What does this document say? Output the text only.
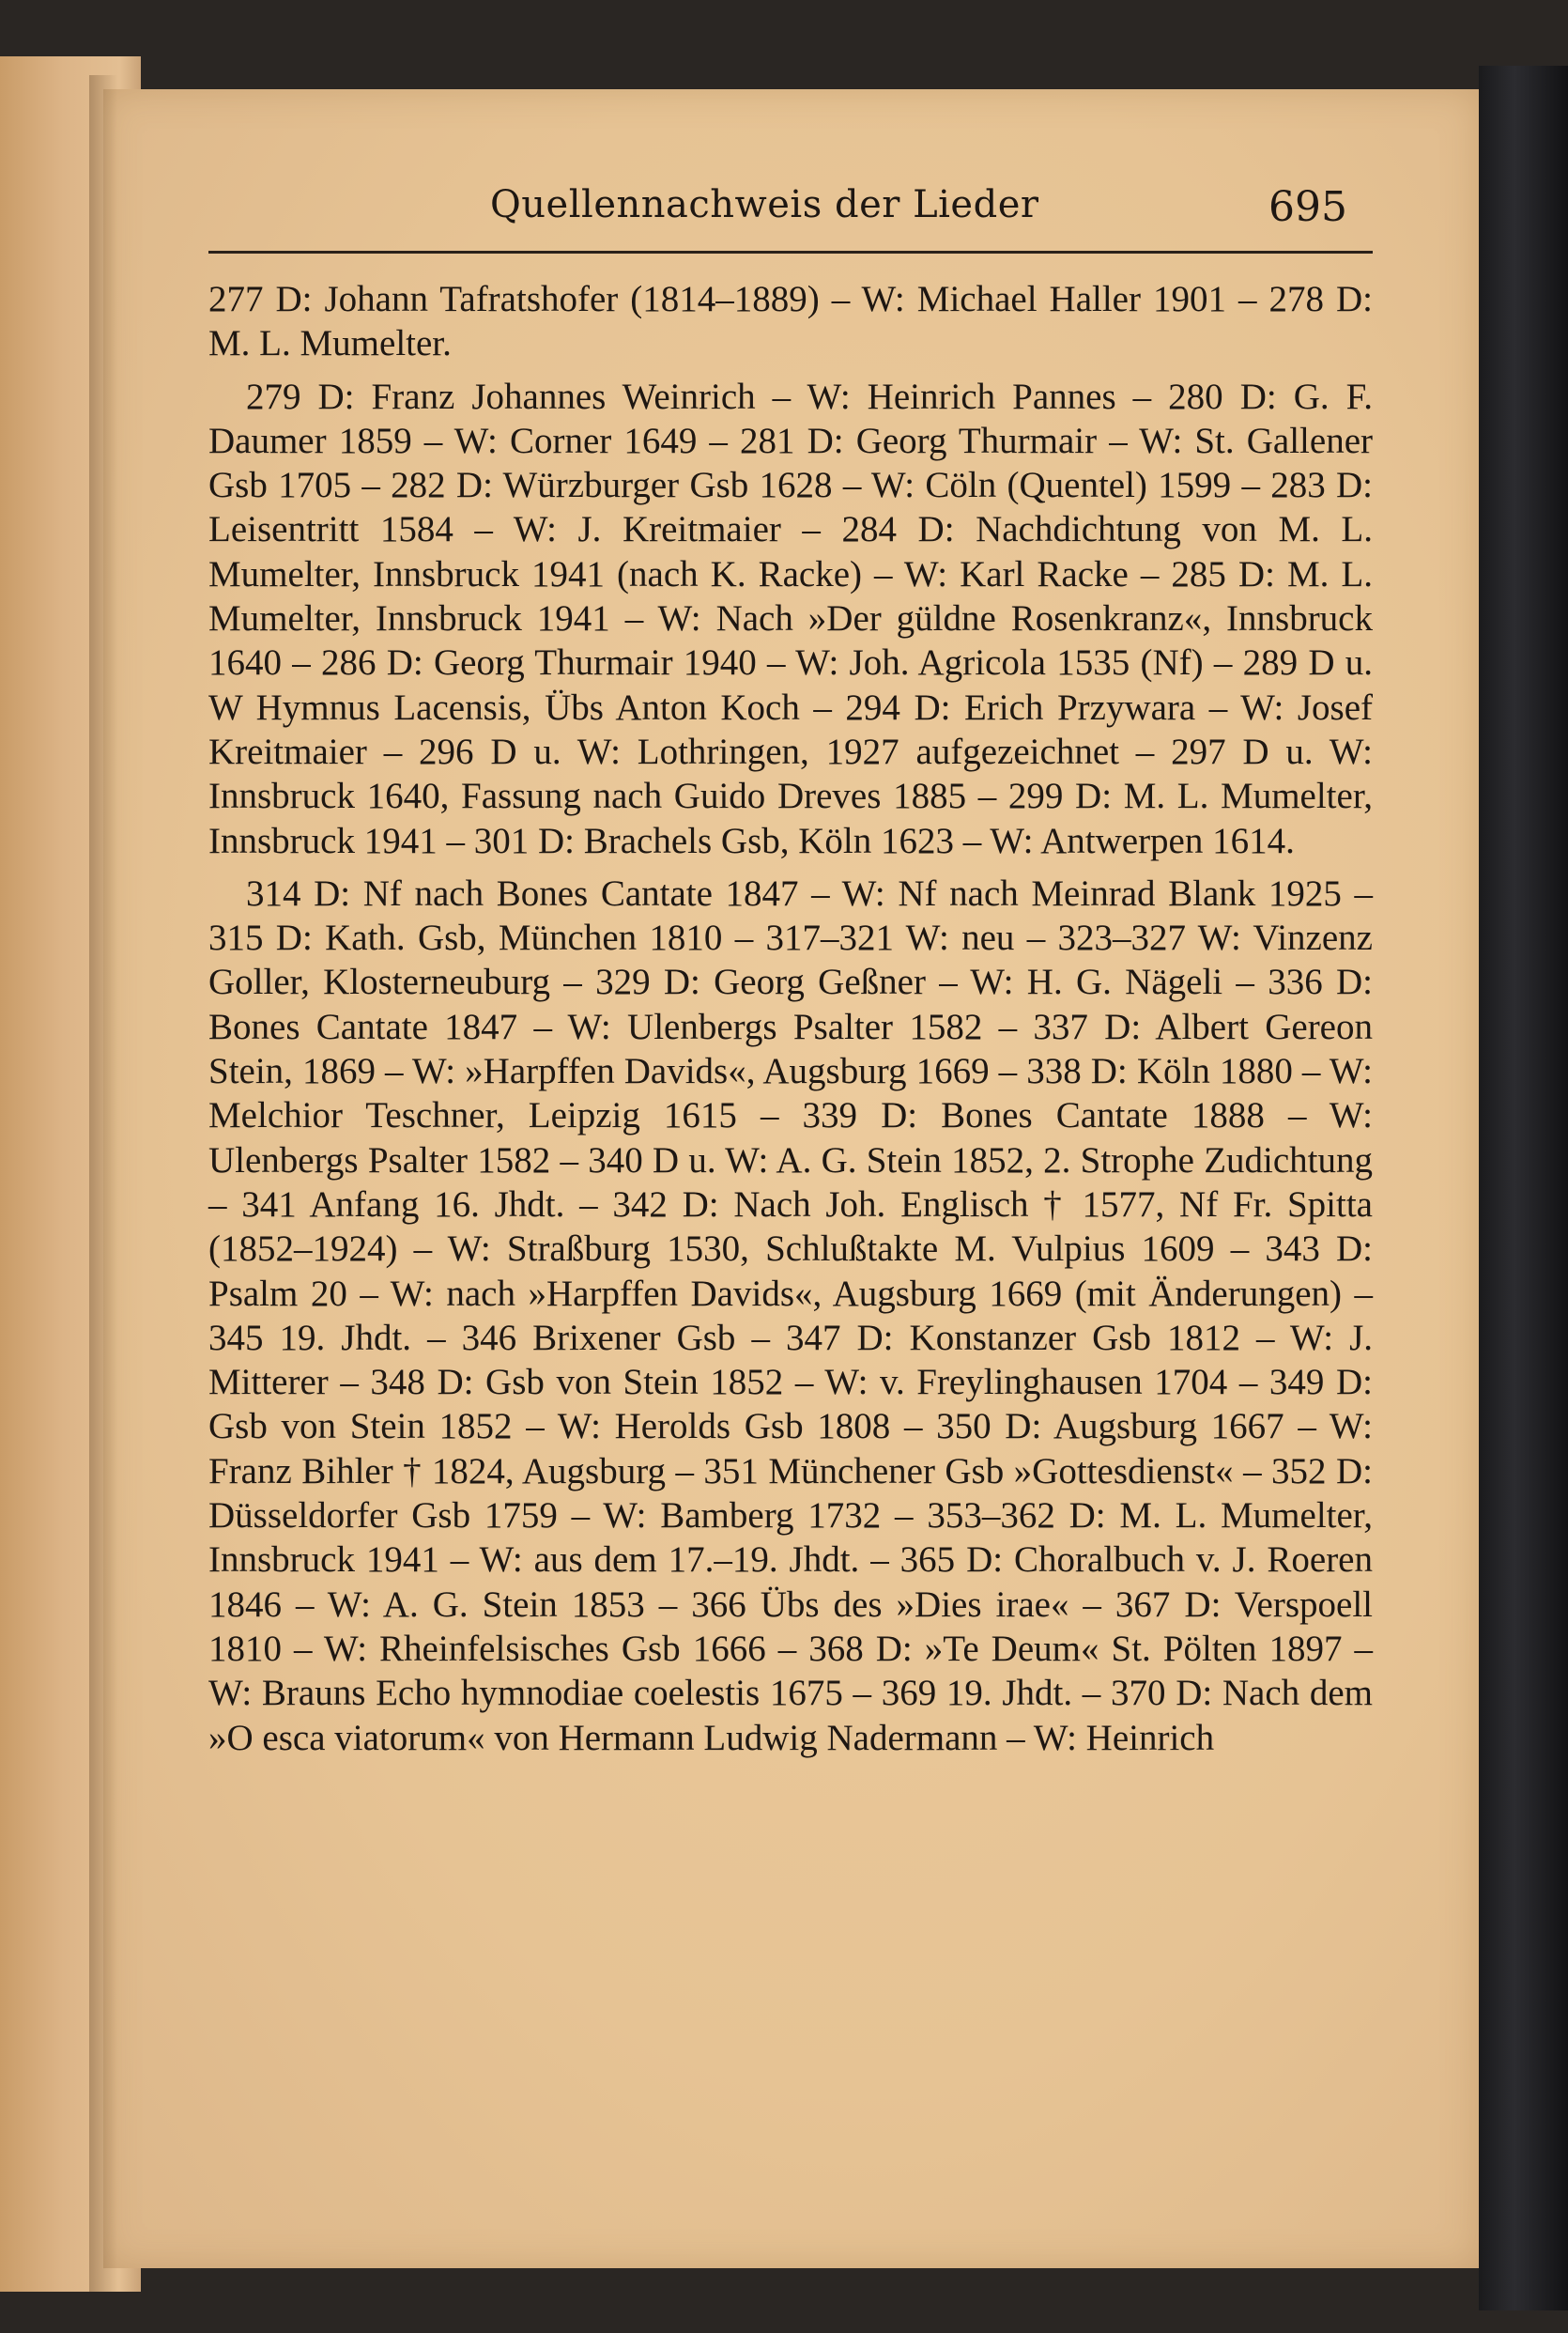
Quellennachweis der Lieder	695

277 D: Johann Tafratshofer (1814–1889) – W: Michael Haller 1901 – 278 D: M. L. Mumelter.

279 D: Franz Johannes Weinrich – W: Heinrich Pannes – 280 D: G. F. Daumer 1859 – W: Corner 1649 – 281 D: Georg Thurmair – W: St. Gallener Gsb 1705 – 282 D: Würzburger Gsb 1628 – W: Cöln (Quentel) 1599 – 283 D: Leisentritt 1584 – W: J. Kreitmaier – 284 D: Nachdichtung von M. L. Mumelter, Innsbruck 1941 (nach K. Racke) – W: Karl Racke – 285 D: M. L. Mumelter, Innsbruck 1941 – W: Nach »Der güldne Rosenkranz«, Innsbruck 1640 – 286 D: Georg Thurmair 1940 – W: Joh. Agricola 1535 (Nf) – 289 D u. W Hymnus Lacensis, Übs Anton Koch – 294 D: Erich Przywara – W: Josef Kreitmaier – 296 D u. W: Lothringen, 1927 aufgezeichnet – 297 D u. W: Innsbruck 1640, Fassung nach Guido Dreves 1885 – 299 D: M. L. Mumelter, Innsbruck 1941 – 301 D: Brachels Gsb, Köln 1623 – W: Antwerpen 1614.

314 D: Nf nach Bones Cantate 1847 – W: Nf nach Meinrad Blank 1925 – 315 D: Kath. Gsb, München 1810 – 317–321 W: neu – 323–327 W: Vinzenz Goller, Klosterneuburg – 329 D: Georg Geßner – W: H. G. Nägeli – 336 D: Bones Cantate 1847 – W: Ulenbergs Psalter 1582 – 337 D: Albert Gereon Stein, 1869 – W: »Harpffen Davids«, Augsburg 1669 – 338 D: Köln 1880 – W: Melchior Teschner, Leipzig 1615 – 339 D: Bones Cantate 1888 – W: Ulenbergs Psalter 1582 – 340 D u. W: A. G. Stein 1852, 2. Strophe Zudichtung – 341 Anfang 16. Jhdt. – 342 D: Nach Joh. Englisch † 1577, Nf Fr. Spitta (1852–1924) – W: Straßburg 1530, Schlußtakte M. Vulpius 1609 – 343 D: Psalm 20 – W: nach »Harpffen Davids«, Augsburg 1669 (mit Änderungen) – 345 19. Jhdt. – 346 Brixener Gsb – 347 D: Konstanzer Gsb 1812 – W: J. Mitterer – 348 D: Gsb von Stein 1852 – W: v. Freylinghausen 1704 – 349 D: Gsb von Stein 1852 – W: Herolds Gsb 1808 – 350 D: Augsburg 1667 – W: Franz Bihler † 1824, Augsburg – 351 Münchener Gsb »Gottesdienst« – 352 D: Düsseldorfer Gsb 1759 – W: Bamberg 1732 – 353–362 D: M. L. Mumelter, Innsbruck 1941 – W: aus dem 17.–19. Jhdt. – 365 D: Choralbuch v. J. Roeren 1846 – W: A. G. Stein 1853 – 366 Übs des »Dies irae« – 367 D: Verspoell 1810 – W: Rheinfelsisches Gsb 1666 – 368 D: »Te Deum« St. Pölten 1897 – W: Brauns Echo hymnodiae coelestis 1675 – 369 19. Jhdt. – 370 D: Nach dem »O esca viatorum« von Hermann Ludwig Nadermann – W: Heinrich
